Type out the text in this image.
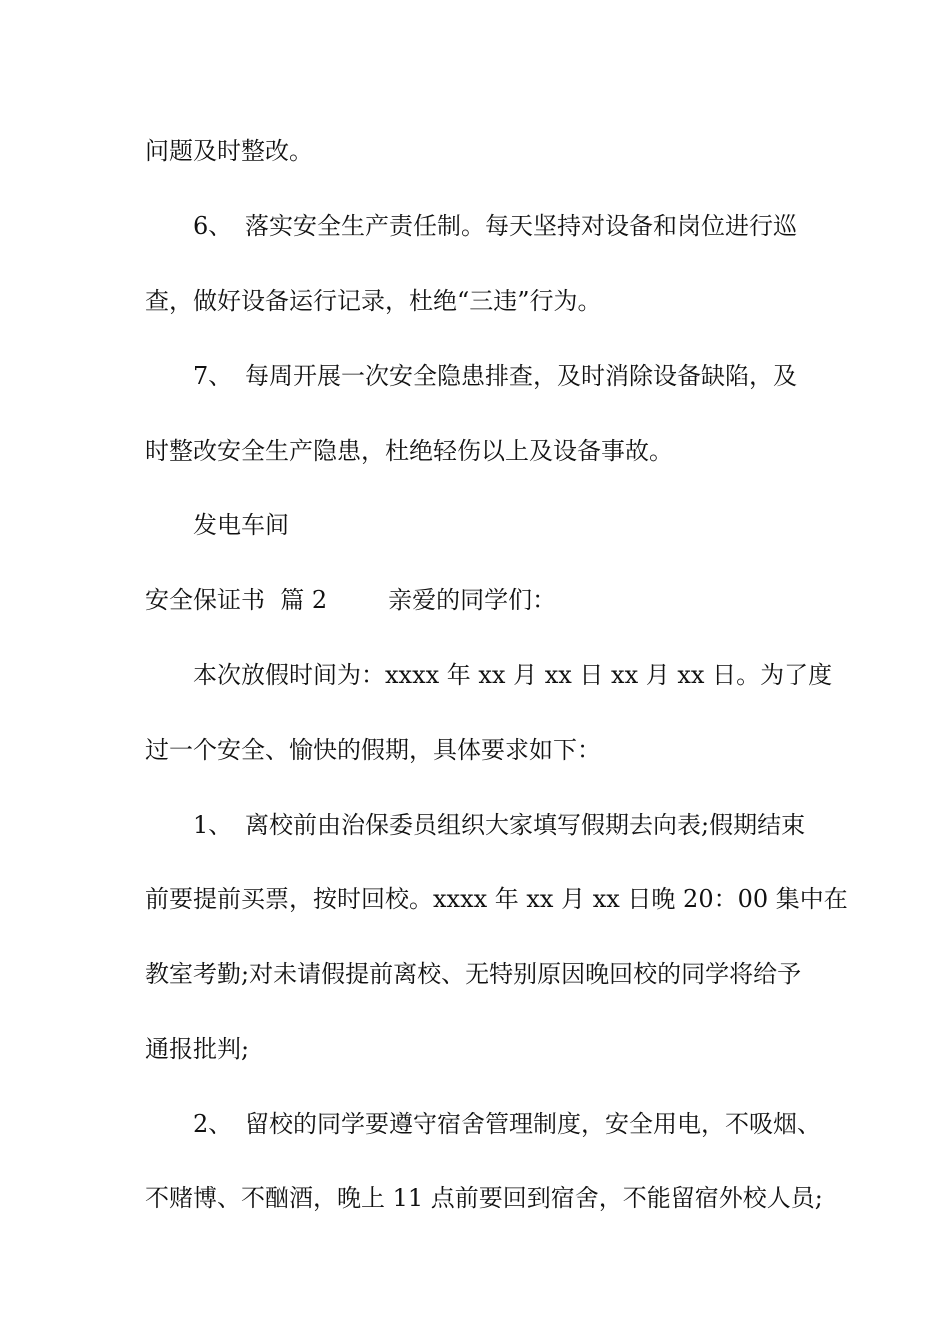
问题及时整改。
6、 落实安全生产责任制。每天坚持对设备和岗位进行巡
查，做好设备运行记录，杜绝“三违”行为。
7、 每周开展一次安全隐患排查，及时消除设备缺陷，及
时整改安全生产隐患，杜绝轻伤以上及设备事故。
发电车间
安全保证书  篇 2        亲爱的同学们：
本次放假时间为：xxxx 年 xx 月 xx 日 xx 月 xx 日。为了度
过一个安全、愉快的假期，具体要求如下：
1、 离校前由治保委员组织大家填写假期去向表;假期结束
前要提前买票，按时回校。xxxx 年 xx 月 xx 日晚 20：00 集中在
教室考勤;对未请假提前离校、无特别原因晚回校的同学将给予
通报批判;
2、 留校的同学要遵守宿舍管理制度，安全用电，不吸烟、
不赌博、不酗酒，晚上 11 点前要回到宿舍，不能留宿外校人员;
